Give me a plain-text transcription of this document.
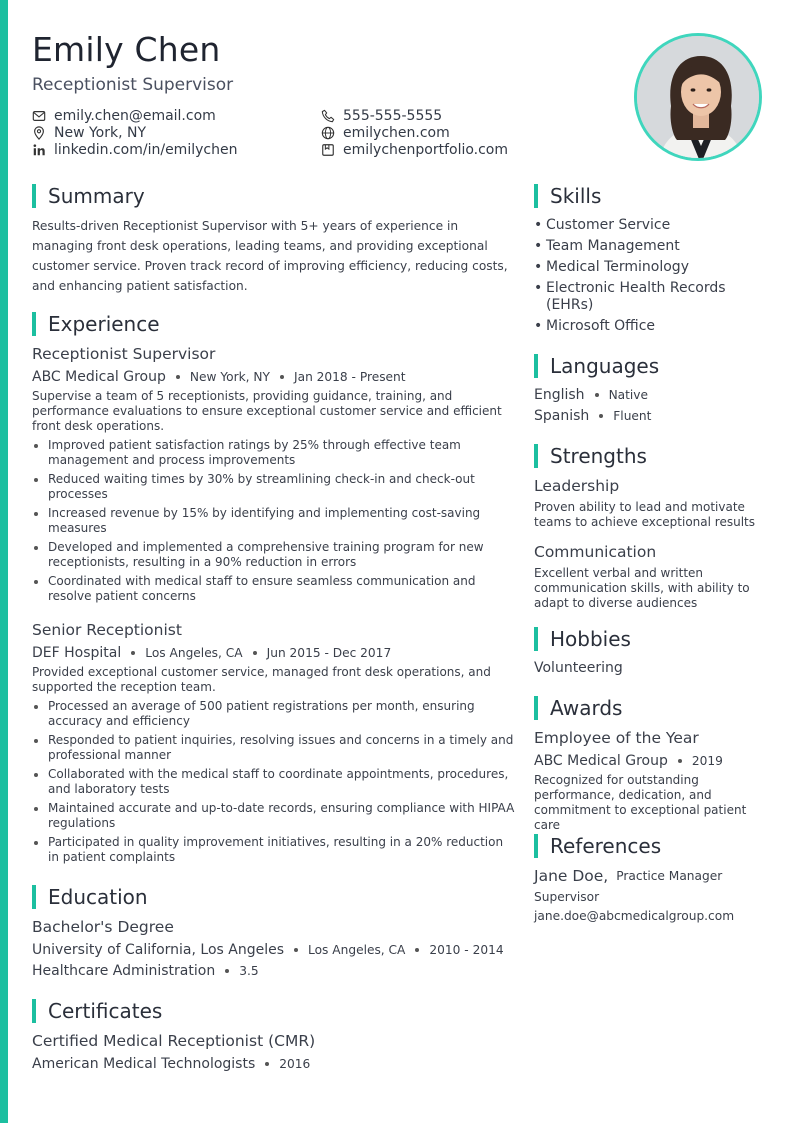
Emily Chen
Receptionist Supervisor
emily.chen@email.com	555-555-5555
New York, NY	emilychen.com
linkedin.com/in/emilychen	emilychenportfolio.com
Summary

Results-driven Receptionist Supervisor with 5+ years of experience in managing front desk operations, leading teams, and providing exceptional customer service. Proven track record of improving efficiency, reducing costs, and enhancing patient satisfaction.

Experience
Receptionist Supervisor
ABC Medical Group New York, NY Jan 2018 - Present

Supervise a team of 5 receptionists, providing guidance, training, and performance evaluations to ensure exceptional customer service and efficient front desk operations.

Improved patient satisfaction ratings by 25% through effective team management and process improvements
Reduced waiting times by 30% by streamlining check-in and check-out processes
Increased revenue by 15% by identifying and implementing cost-saving measures
Developed and implemented a comprehensive training program for new receptionists, resulting in a 90% reduction in errors
Coordinated with medical staff to ensure seamless communication and resolve patient concerns
Senior Receptionist
DEF Hospital Los Angeles, CA Jun 2015 - Dec 2017

Provided exceptional customer service, managed front desk operations, and supported the reception team.

Processed an average of 500 patient registrations per month, ensuring accuracy and efficiency
Responded to patient inquiries, resolving issues and concerns in a timely and professional manner
Collaborated with the medical staff to coordinate appointments, procedures, and laboratory tests
Maintained accurate and up-to-date records, ensuring compliance with HIPAA regulations
Participated in quality improvement initiatives, resulting in a 20% reduction in patient complaints
Education
Bachelor's Degree
University of California, Los Angeles Los Angeles, CA 2010 - 2014
Healthcare Administration 3.5
Certificates
Certified Medical Receptionist (CMR)
American Medical Technologists 2016
Skills
• Customer Service
• Team Management
• Medical Terminology
• Electronic Health Records (EHRs)
• Microsoft Office
Languages
English Native
Spanish Fluent
Strengths
Leadership

Proven ability to lead and motivate teams to achieve exceptional results

Communication

Excellent verbal and written communication skills, with ability to adapt to diverse audiences

Hobbies
Volunteering
Awards
Employee of the Year
ABC Medical Group 2019

Recognized for outstanding performance, dedication, and commitment to exceptional patient care

References
Jane Doe, Practice Manager
Supervisor
jane.doe@abcmedicalgroup.com
